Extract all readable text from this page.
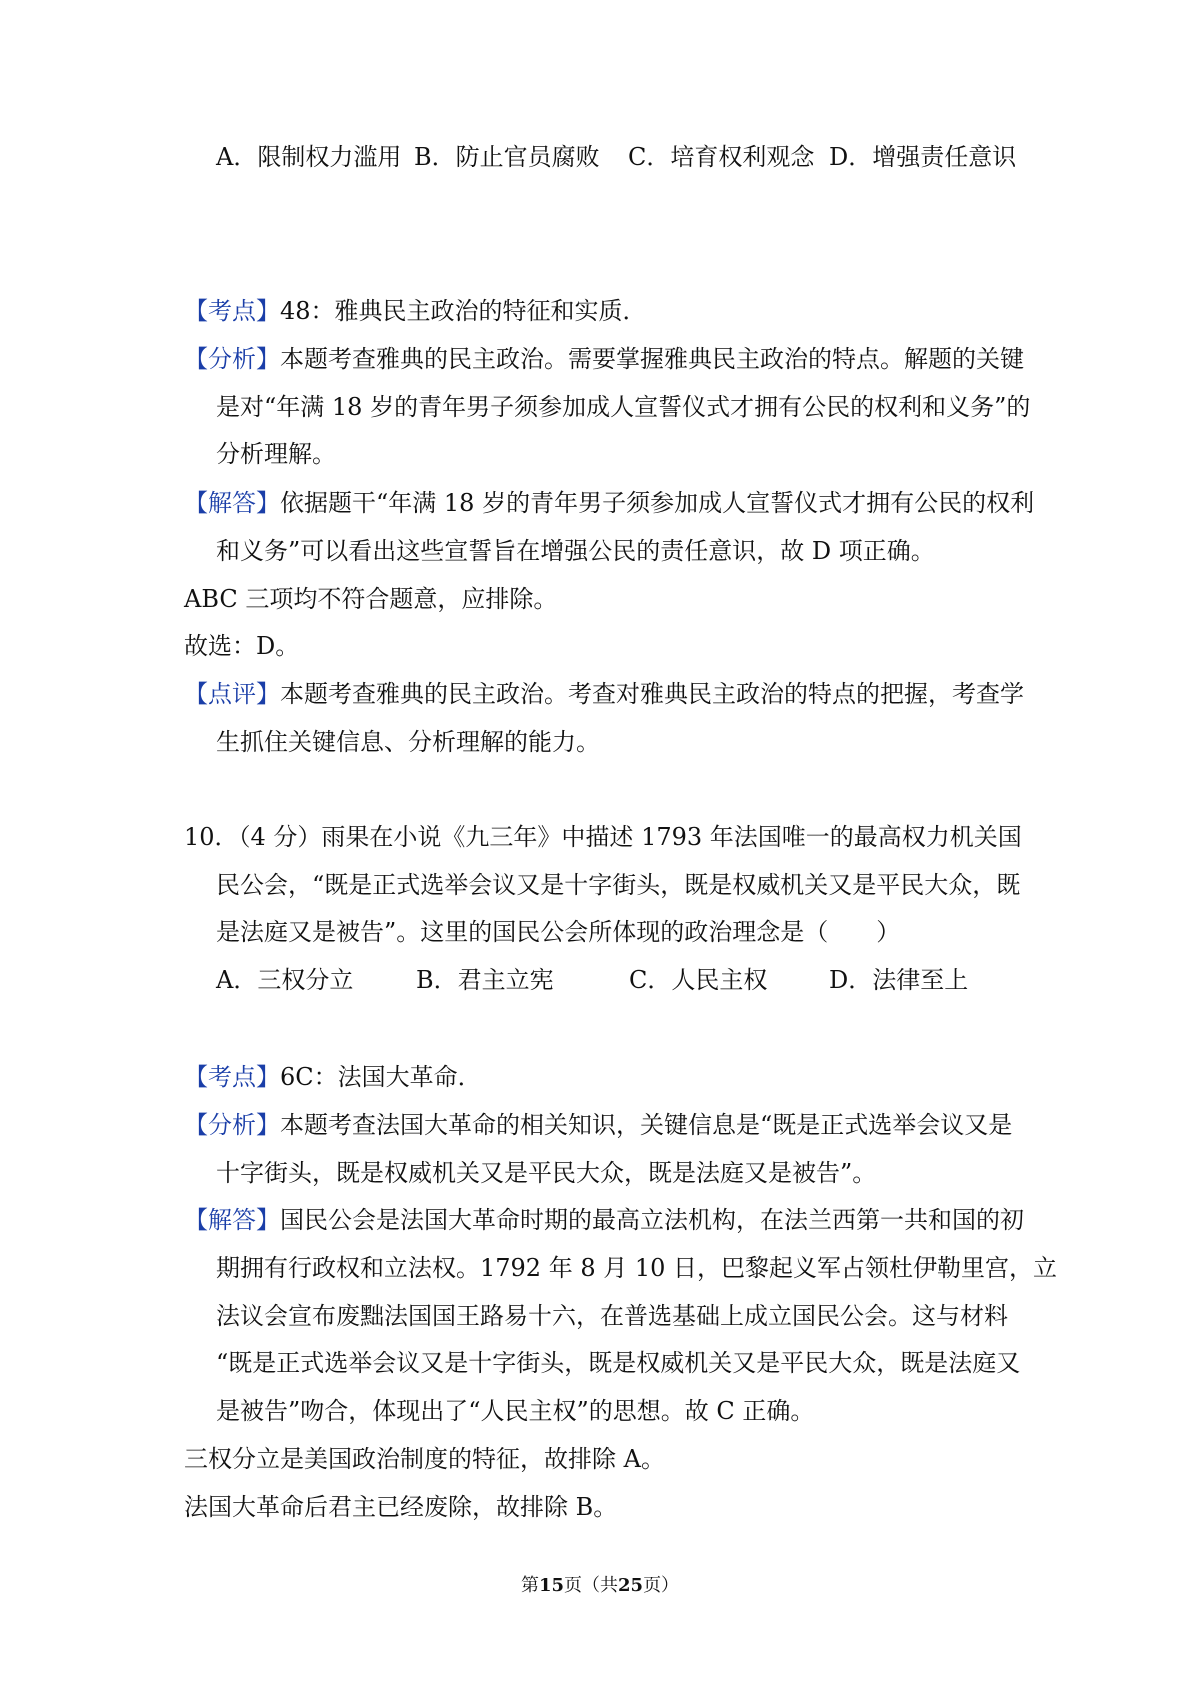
A．限制权力滥用 B．防止官员腐败 C．培育权利观念 D．增强责任意识
【考点】48：雅典民主政治的特征和实质．
【分析】本题考查雅典的民主政治。需要掌握雅典民主政治的特点。解题的关键
是对“年满 18 岁的青年男子须参加成人宣誓仪式才拥有公民的权利和义务”的
分析理解。
【解答】依据题干“年满 18 岁的青年男子须参加成人宣誓仪式才拥有公民的权利
和义务”可以看出这些宣誓旨在增强公民的责任意识，故 D 项正确。
ABC 三项均不符合题意，应排除。
故选：D。
【点评】本题考查雅典的民主政治。考查对雅典民主政治的特点的把握，考查学
生抓住关键信息、分析理解的能力。
10．（4 分）雨果在小说《九三年》中描述 1793 年法国唯一的最高权力机关国
民公会，“既是正式选举会议又是十字街头，既是权威机关又是平民大众，既
是法庭又是被告”。这里的国民公会所体现的政治理念是（　　）
A．三权分立	B．君主立宪	C．人民主权	D．法律至上
【考点】6C：法国大革命．
【分析】本题考查法国大革命的相关知识，关键信息是“既是正式选举会议又是
十字街头，既是权威机关又是平民大众，既是法庭又是被告”。
【解答】国民公会是法国大革命时期的最高立法机构，在法兰西第一共和国的初
期拥有行政权和立法权。1792 年 8 月 10 日，巴黎起义军占领杜伊勒里宫，立
法议会宣布废黜法国国王路易十六，在普选基础上成立国民公会。这与材料
“既是正式选举会议又是十字街头，既是权威机关又是平民大众，既是法庭又
是被告”吻合，体现出了“人民主权”的思想。故 C 正确。
三权分立是美国政治制度的特征，故排除 A。
法国大革命后君主已经废除，故排除 B。
第15页（共25页）
